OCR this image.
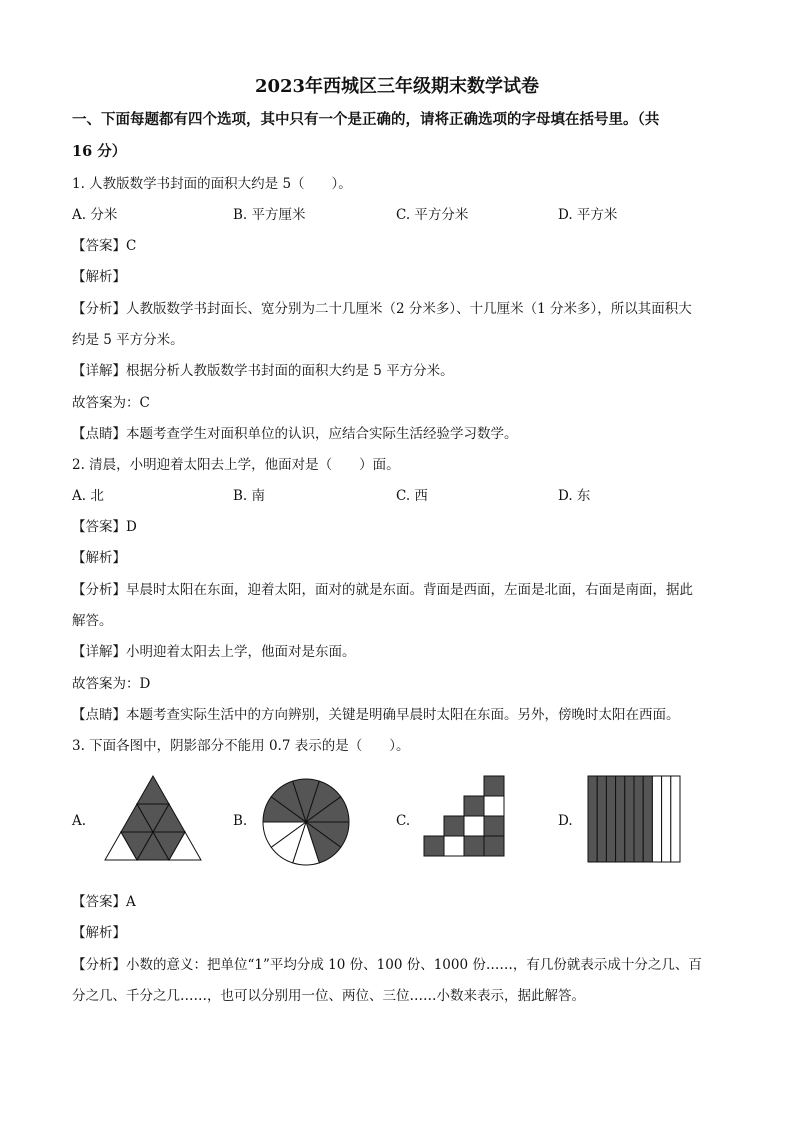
2023年西城区三年级期末数学试卷
一、下面每题都有四个选项，其中只有一个是正确的，请将正确选项的字母填在括号里。（共
16 分）
1. 人教版数学书封面的面积大约是 5（　　）。
A. 分米	B. 平方厘米	C. 平方分米	D. 平方米
【答案】C
【解析】
【分析】人教版数学书封面长、宽分别为二十几厘米（2 分米多）、十几厘米（1 分米多），所以其面积大
约是 5 平方分米。
【详解】根据分析人教版数学书封面的面积大约是 5 平方分米。
故答案为：C
【点睛】本题考查学生对面积单位的认识，应结合实际生活经验学习数学。
2. 清晨，小明迎着太阳去上学，他面对是（　　）面。
A. 北	B. 南	C. 西	D. 东
【答案】D
【解析】
【分析】早晨时太阳在东面，迎着太阳，面对的就是东面。背面是西面，左面是北面，右面是南面，据此
解答。
【详解】小明迎着太阳去上学，他面对是东面。
故答案为：D
【点睛】本题考查实际生活中的方向辨别，关键是明确早晨时太阳在东面。另外，傍晚时太阳在西面。
3. 下面各图中，阴影部分不能用 0.7 表示的是（　　）。
A.	B.	C.	D.
【答案】A
【解析】
【分析】小数的意义：把单位“1”平均分成 10 份、100 份、1000 份……，有几份就表示成十分之几、百
分之几、千分之几……，也可以分别用一位、两位、三位……小数来表示，据此解答。
